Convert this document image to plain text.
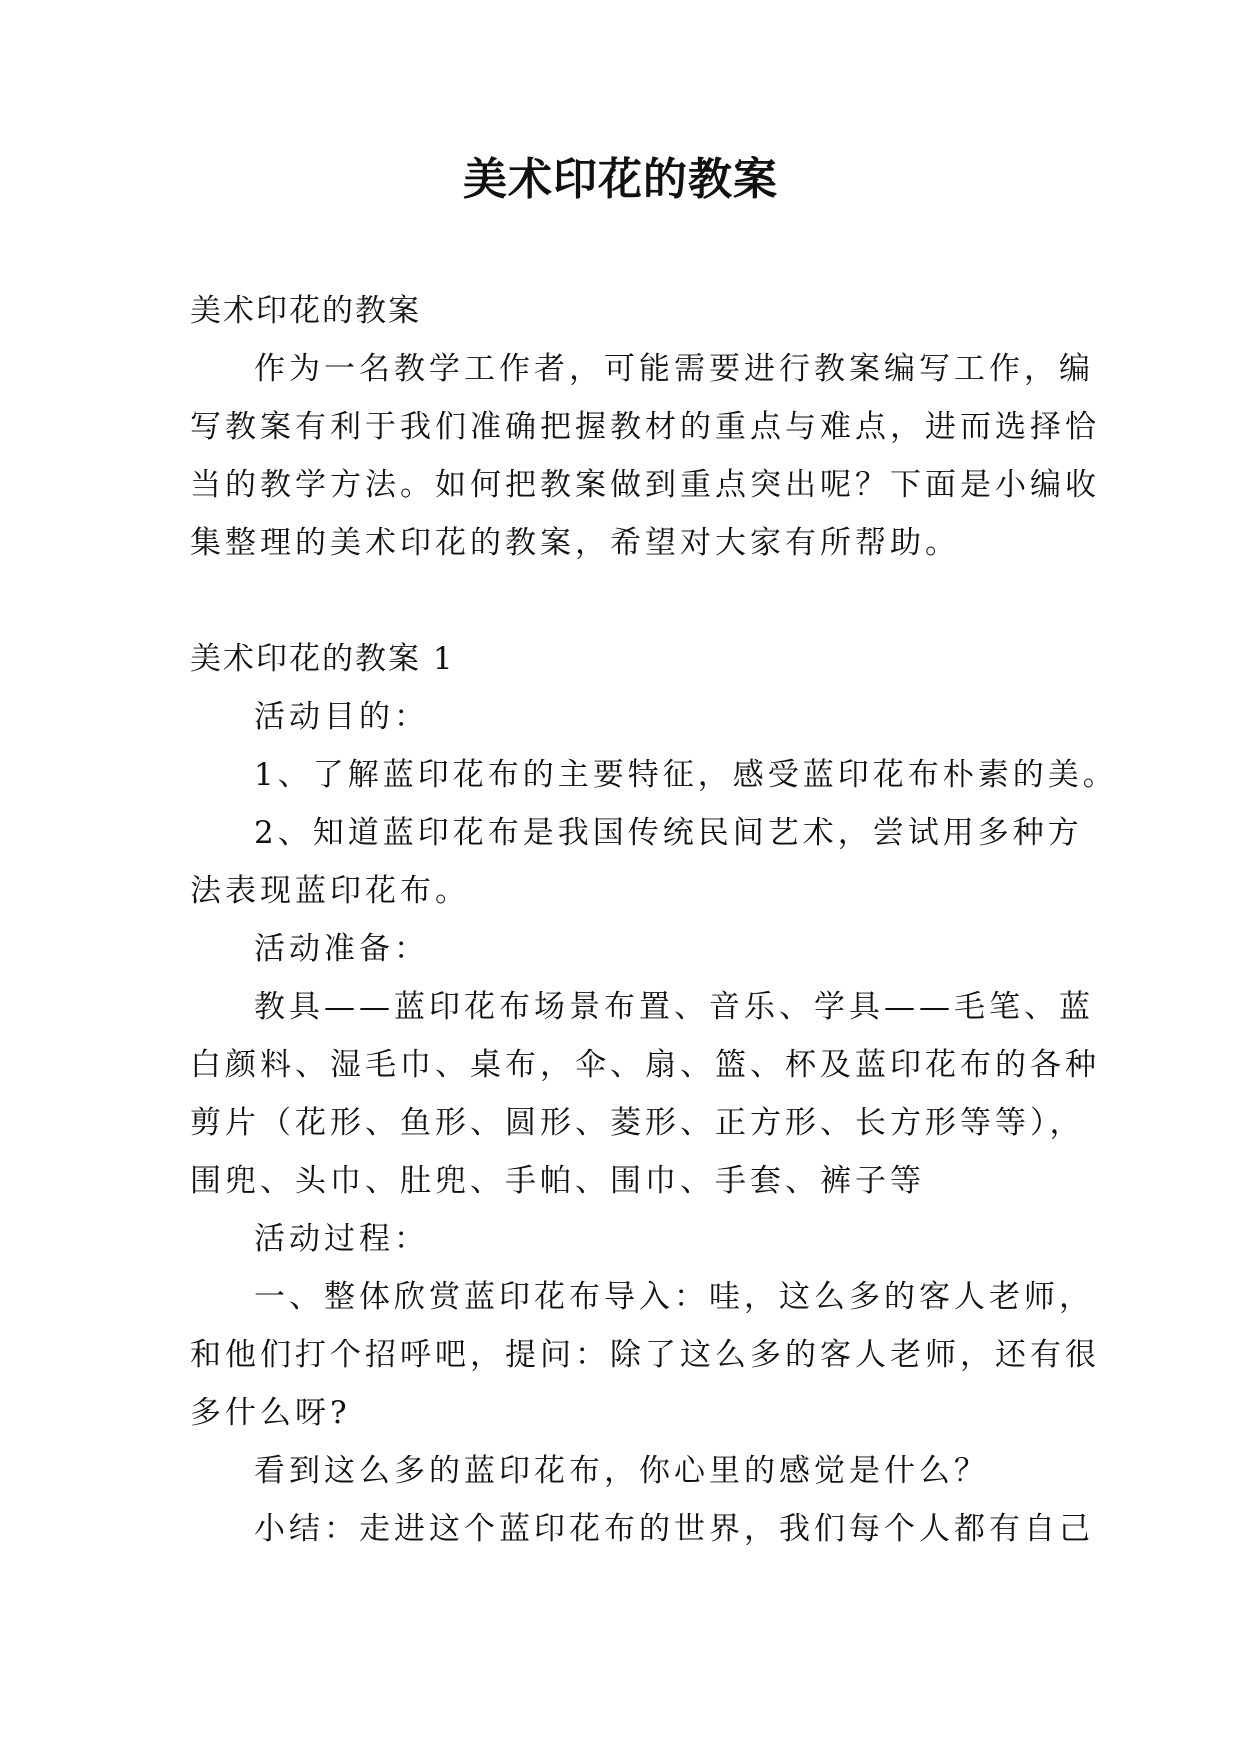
美术印花的教案

美术印花的教案

作为一名教学工作者，可能需要进行教案编写工作，编

写教案有利于我们准确把握教材的重点与难点，进而选择恰

当的教学方法。如何把教案做到重点突出呢？下面是小编收

集整理的美术印花的教案，希望对大家有所帮助。

美术印花的教案 1

活动目的：

1、了解蓝印花布的主要特征，感受蓝印花布朴素的美。

2、知道蓝印花布是我国传统民间艺术，尝试用多种方

法表现蓝印花布。

活动准备：

教具——蓝印花布场景布置、音乐、学具——毛笔、蓝

白颜料、湿毛巾、桌布，伞、扇、篮、杯及蓝印花布的各种

剪片（花形、鱼形、圆形、菱形、正方形、长方形等等），

围兜、头巾、肚兜、手帕、围巾、手套、裤子等

活动过程：

一、整体欣赏蓝印花布导入：哇，这么多的客人老师，

和他们打个招呼吧，提问：除了这么多的客人老师，还有很

多什么呀?

看到这么多的蓝印花布，你心里的感觉是什么？

小结：走进这个蓝印花布的世界，我们每个人都有自己
